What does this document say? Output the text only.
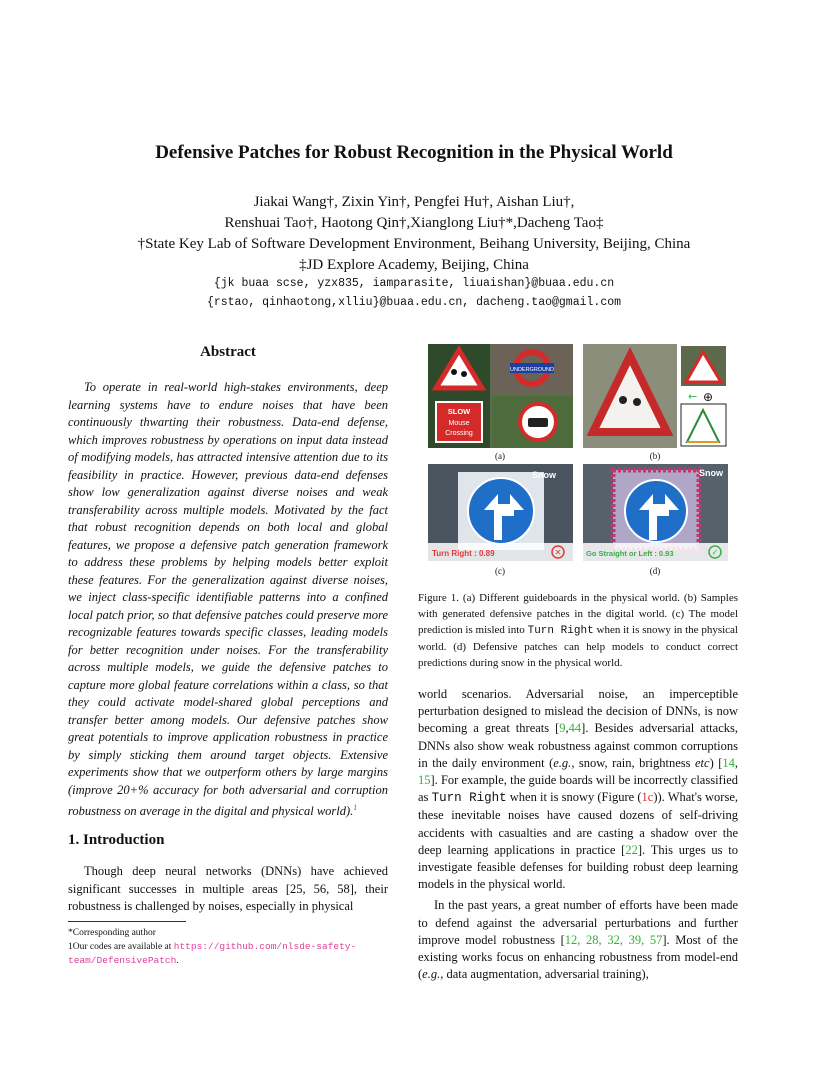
Defensive Patches for Robust Recognition in the Physical World
Jiakai Wang†, Zixin Yin†, Pengfei Hu†, Aishan Liu†,
Renshuai Tao†, Haotong Qin†,Xianglong Liu†*,Dacheng Tao‡
†State Key Lab of Software Development Environment, Beihang University, Beijing, China
‡JD Explore Academy, Beijing, China
{jk buaa scse, yzx835, iamparasite, liuaishan}@buaa.edu.cn
{rstao, qinhaotong,xlliu}@buaa.edu.cn, dacheng.tao@gmail.com
Abstract

To operate in real-world high-stakes environments, deep learning systems have to endure noises that have been continuously thwarting their robustness. Data-end defense, which improves robustness by operations on input data instead of modifying models, has attracted intensive attention due to its feasibility in practice. However, previous data-end defenses show low generalization against diverse noises and weak transferability across multiple models. Motivated by the fact that robust recognition depends on both local and global features, we propose a defensive patch generation framework to address these problems by helping models better exploit these features. For the generalization against diverse noises, we inject class-specific identifiable patterns into a confined local patch prior, so that defensive patches could preserve more recognizable features towards specific classes, leading models for better recognition under noises. For the transferability across multiple models, we guide the defensive patches to capture more global feature correlations within a class, so that they could activate model-shared global perceptions and transfer better among models. Our defensive patches show great potentials to improve application robustness in practice by simply sticking them around target objects. Extensive experiments show that we outperform others by large margins (improve 20+% accuracy for both adversarial and corruption robustness on average in the digital and physical world).$^1$

1. Introduction

Though deep neural networks (DNNs) have achieved significant successes in multiple areas [25, 56, 58], their robustness is challenged by noises, especially in physical

*Corresponding author
1Our codes are available at https://github.com/nlsde-safety-team/DefensivePatch.
SLOW
Mouse
Crossing
UNDERGROUND
(a)
← ⊕
(b)
Snow
Turn Right : 0.89	✕
(c)
Snow
Go Straight or Left : 0.93	✓
(d)
Figure 1. (a) Different guideboards in the physical world. (b) Samples with generated defensive patches in the digital world. (c) The model prediction is misled into Turn Right when it is snowy in the physical world. (d) Defensive patches can help models to conduct correct predictions during snow in the physical world.

world scenarios. Adversarial noise, an imperceptible perturbation designed to mislead the decision of DNNs, is now becoming a great threats [9,44]. Besides adversarial attacks, DNNs also show weak robustness against common corruptions in the daily environment (e.g., snow, rain, brightness etc) [14, 15]. For example, the guide boards will be incorrectly classified as Turn Right when it is snowy (Figure (1c)). What's worse, these inevitable noises have caused dozens of self-driving accidents with casualties and are casting a shadow over the deep learning applications in practice [22]. This urges us to investigate feasible defenses for building robust deep learning models in the physical world.

In the past years, a great number of efforts have been made to defend against the adversarial perturbations and further improve model robustness [12, 28, 32, 39, 57]. Most of the existing works focus on enhancing robustness from model-end (e.g., data augmentation, adversarial training),
